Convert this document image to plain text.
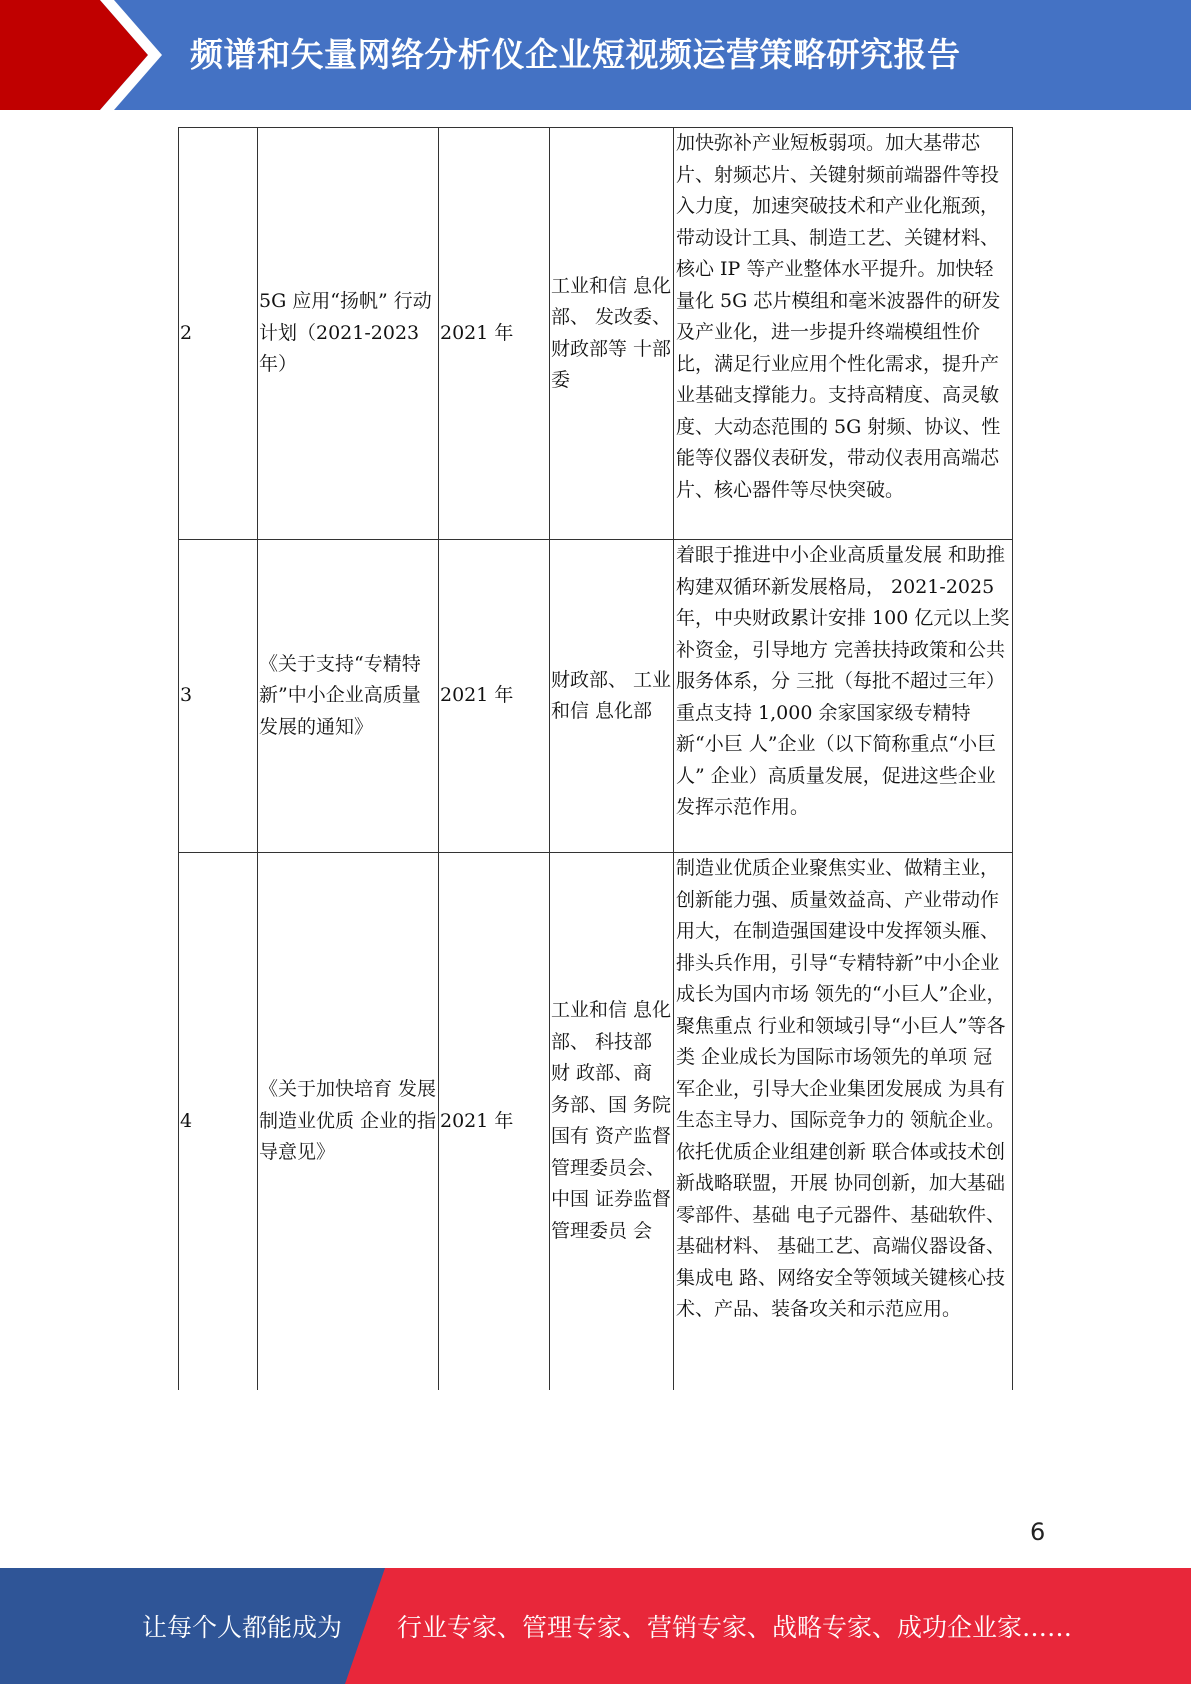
频谱和矢量网络分析仪企业短视频运营策略研究报告
2	5G 应用“扬帆” 行动计划（2021-2023 年）	2021 年	工业和信 息化部、 发改委、财政部等 十部委	加快弥补产业短板弱项。加大基带芯片、射频芯片、关键射频前端器件等投入力度，加速突破技术和产业化瓶颈，带动设计工具、制造工艺、关键材料、核心 IP 等产业整体水平提升。加快轻量化 5G 芯片模组和毫米波器件的研发及产业化，进一步提升终端模组性价比，满足行业应用个性化需求，提升产业基础支撑能力。支持高精度、高灵敏度、大动态范围的 5G 射频、协议、性能等仪器仪表研发，带动仪表用高端芯片、核心器件等尽快突破。
3	《关于支持“专精特新”中小企业高质量发展的通知》	2021 年	财政部、 工业和信 息化部	着眼于推进中小企业高质量发展 和助推构建双循环新发展格局， 2021-2025 年，中央财政累计安排 100 亿元以上奖补资金，引导地方 完善扶持政策和公共服务体系，分 三批（每批不超过三年）重点支持 1,000 余家国家级专精特新“小巨 人”企业（以下简称重点“小巨人” 企业）高质量发展，促进这些企业 发挥示范作用。
4	《关于加快培育 发展制造业优质 企业的指导意见》	2021 年	工业和信 息化部、 科技部 财 政部、商 务部、国 务院国有 资产监督 管理委员会、中国 证券监督 管理委员 会	制造业优质企业聚焦实业、做精主业，创新能力强、质量效益高、产业带动作用大，在制造强国建设中发挥领头雁、排头兵作用，引导“专精特新”中小企业成长为国内市场 领先的“小巨人”企业，聚焦重点 行业和领域引导“小巨人”等各类 企业成长为国际市场领先的单项 冠军企业，引导大企业集团发展成 为具有生态主导力、国际竞争力的 领航企业。依托优质企业组建创新 联合体或技术创新战略联盟，开展 协同创新，加大基础零部件、基础 电子元器件、基础软件、基础材料、 基础工艺、高端仪器设备、集成电 路、网络安全等领域关键核心技 术、产品、装备攻关和示范应用。
6
让每个人都能成为 行业专家、管理专家、营销专家、战略专家、成功企业家……
